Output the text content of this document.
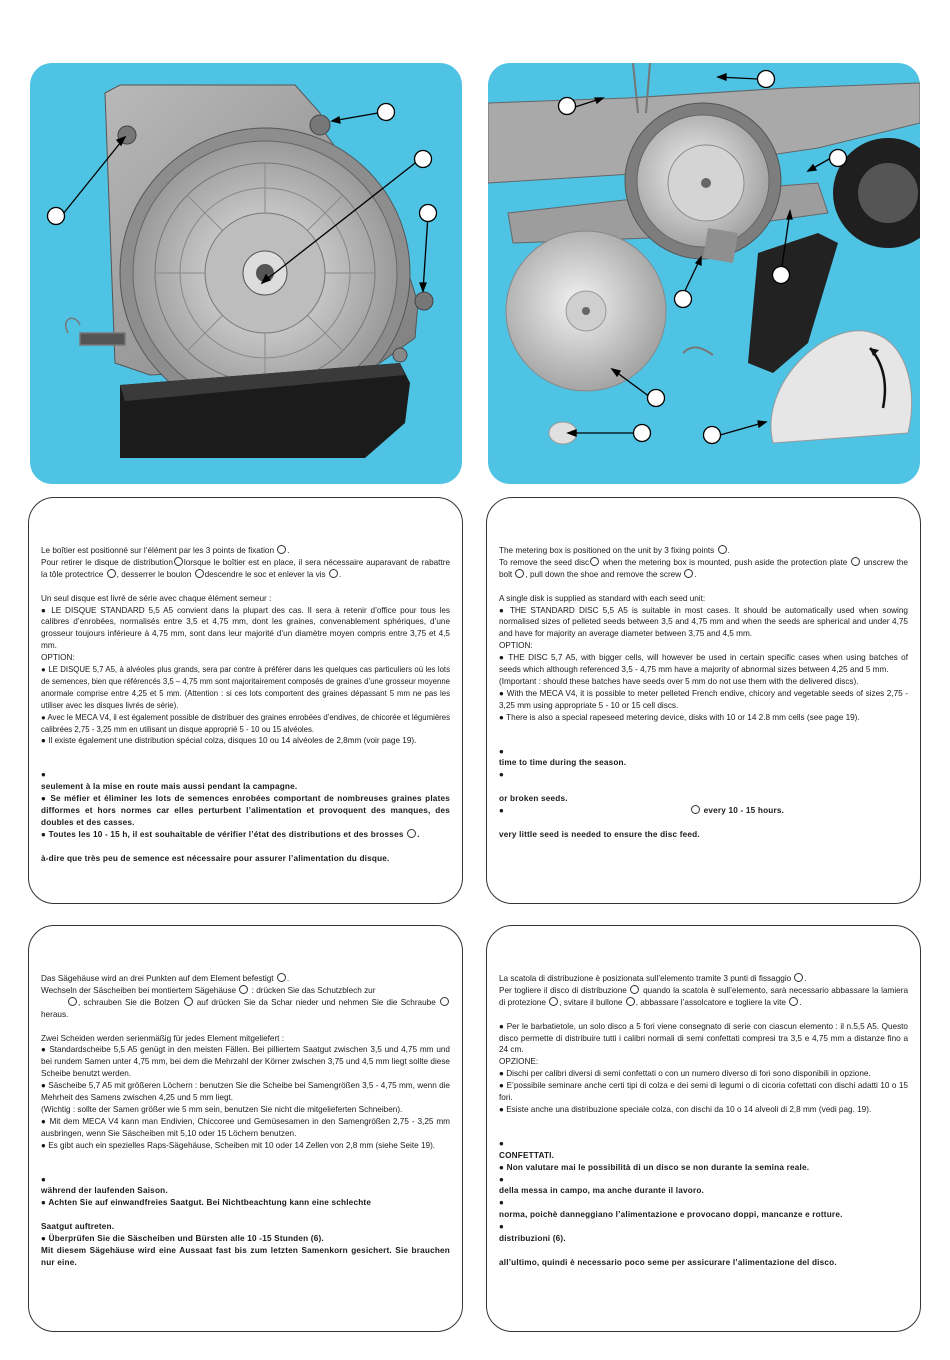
Le boîtier est positionné sur l’élément par les 3 points de fixation .
Pour retirer le disque de distribution lorsque le boîtier est en place, il sera nécessaire auparavant de rabattre la tôle protectrice , desserrer le boulon descendre le soc et enlever la vis .

Un seul disque est livré de série avec chaque élément semeur :

● LE DISQUE STANDARD 5,5 A5 convient dans la plupart des cas. Il sera à retenir d’office pour tous les calibres d’enrobées, normalisés entre 3,5 et 4,75 mm, dont les graines, convenablement sphériques, d’une grosseur toujours inférieure à 4,75 mm, sont dans leur majorité d’un diamètre moyen compris entre 3,75 et 4,5 mm.

OPTION:

● LE DISQUE 5,7 A5, à alvéoles plus grands, sera par contre à préférer dans les quelques cas particuliers où les lots de semences, bien que référencés 3,5 – 4,75 mm sont majoritairement composés de graines d’une grosseur moyenne anormale comprise entre 4,25 et 5 mm. (Attention : si ces lots comportent des graines dépassant 5 mm ne pas les utiliser avec les disques livrés de série).

● Avec le MECA V4, il est également possible de distribuer des graines enrobées d’endives, de chicorée et légumières calibrées 2,75 - 3,25 mm en utilisant un disque approprié 5 - 10 ou 15 alvéoles.

● Il existe également une distribution spécial colza, disques 10 ou 14 alvéoles de 2,8mm (voir page 19).

●

seulement à la mise en route mais aussi pendant la campagne.

● Se méfier et éliminer les lots de semences enrobées comportant de nombreuses graines plates difformes et hors normes car elles perturbent l’alimentation et provoquent des manques, des doubles et des casses.

● Toutes les 10 - 15 h, il est souhaitable de vérifier l’état des distributions et des brosses .

à-dire que très peu de semence est nécessaire pour assurer l’alimentation du disque.

The metering box is positioned on the unit by 3 fixing points .
To remove the seed disc when the metering box is mounted, push aside the protection plate unscrew the bolt , pull down the shoe and remove the screw .

A single disk is supplied as standard with each seed unit:

● THE STANDARD DISC 5,5 A5 is suitable in most cases. It should be automatically used when sowing normalised sizes of pelleted seeds between 3,5 and 4,75 mm and when the seeds are spherical and under 4,75 and have for majority an average diameter between 3,75 and 4,5 mm.

OPTION:

● THE DISC 5,7 A5, with bigger cells, will however be used in certain specific cases when using batches of seeds which although referenced 3,5 - 4,75 mm have a majority of abnormal sizes between 4,25 and 5 mm.

(Important : should these batches have seeds over 5 mm do not use them with the delivered discs).

● With the MECA V4, it is possible to meter pelleted French endive, chicory and vegetable seeds of sizes 2,75 - 3,25 mm using appropriate 5 - 10 or 15 cell discs.

● There is also a special rapeseed metering device, disks with 10 or 14 2.8 mm cells (see page 19).

●

time to time during the season.

●

or broken seeds.

●	every 10 - 15 hours.

very little seed is needed to ensure the disc feed.

Das Sägehäuse wird an drei Punkten auf dem Element befestigt .
Wechseln der Säscheiben bei montiertem Sägehäuse : drücken Sie das Schutzblech zur
, schrauben Sie die Bolzen auf drücken Sie da Schar nieder und nehmen Sie die Schraube  heraus.

Zwei Scheiden werden serienmäßig für jedes Element mitgeliefert :

● Standardscheibe 5,5 A5 genügt in den meisten Fällen. Bei pilliertem Saatgut zwischen 3,5 und 4,75 mm und bei rundem Samen unter 4,75 mm, bei dem die Mehrzahl der Körner zwischen 3,75 und 4,5 mm liegt sollte diese Scheibe benutzt werden.

● Säscheibe 5,7 A5 mit größeren Löchern : benutzen Sie die Scheibe bei Samengrößen 3,5 - 4,75 mm, wenn die Mehrheit des Samens zwischen 4,25 und 5 mm liegt.

(Wichtig : sollte der Samen größer wie 5 mm sein, benutzen Sie nicht die mitgelieferten Schneiben).

● Mit dem MECA V4 kann man Endivien, Chiccoree und Gemüsesamen in den Samengrößen 2,75 - 3,25 mm ausbringen, wenn Sie Säscheiben mit 5,10 oder 15 Löchern benutzen.

● Es gibt auch ein spezielles Raps-Sägehäuse, Scheiben mit 10 oder 14 Zellen von 2,8 mm (siehe Seite 19).

●

während der laufenden Saison.

● Achten Sie auf einwandfreies Saatgut. Bei Nichtbeachtung kann eine schlechte

Saatgut auftreten.

● Überprüfen Sie die Säscheiben und Bürsten alle 10 -15 Stunden (6).

Mit diesem Sägehäuse wird eine Aussaat fast bis zum letzten Samenkorn gesichert. Sie brauchen nur eine.

La scatola di distribuzione è posizionata sull’elemento tramite 3 punti di fissaggio .
Per togliere il disco di distribuzione quando la scatola è sull’elemento, sarà necessario abbassare la lamiera di protezione , svitare il bullone , abbassare l’assolcatore e togliere la vite .

● Per le barbatietole, un solo disco a 5 fori viene consegnato di serie con ciascun elemento : il n.5,5 A5. Questo disco permette di distribuire tutti i calibri normali di semi confettati compresi tra 3,5 e 4,75 mm a distanze fino a 24 cm.

OPZIONE:

● Dischi per calibri diversi di semi confettati o con un numero diverso di fori sono disponibili in opzione.

● E’possibile seminare anche certi tipi di colza e dei semi di legumi o di cicoria cofettati con dischi adatti 10 o 15 fori.

● Esiste anche una distribuzione speciale colza, con dischi da 10 o 14 alveoli di 2,8 mm (vedi pag. 19).

●

CONFETTATI.

● Non valutare mai le possibilità di un disco se non durante la semina reale.

●

della messa in campo, ma anche durante il lavoro.

●

norma, poichè danneggiano l’alimentazione e provocano doppi, mancanze e rotture.

●

distribuzioni (6).

all’ultimo, quindi è necessario poco seme per assicurare l’alimentazione del disco.
